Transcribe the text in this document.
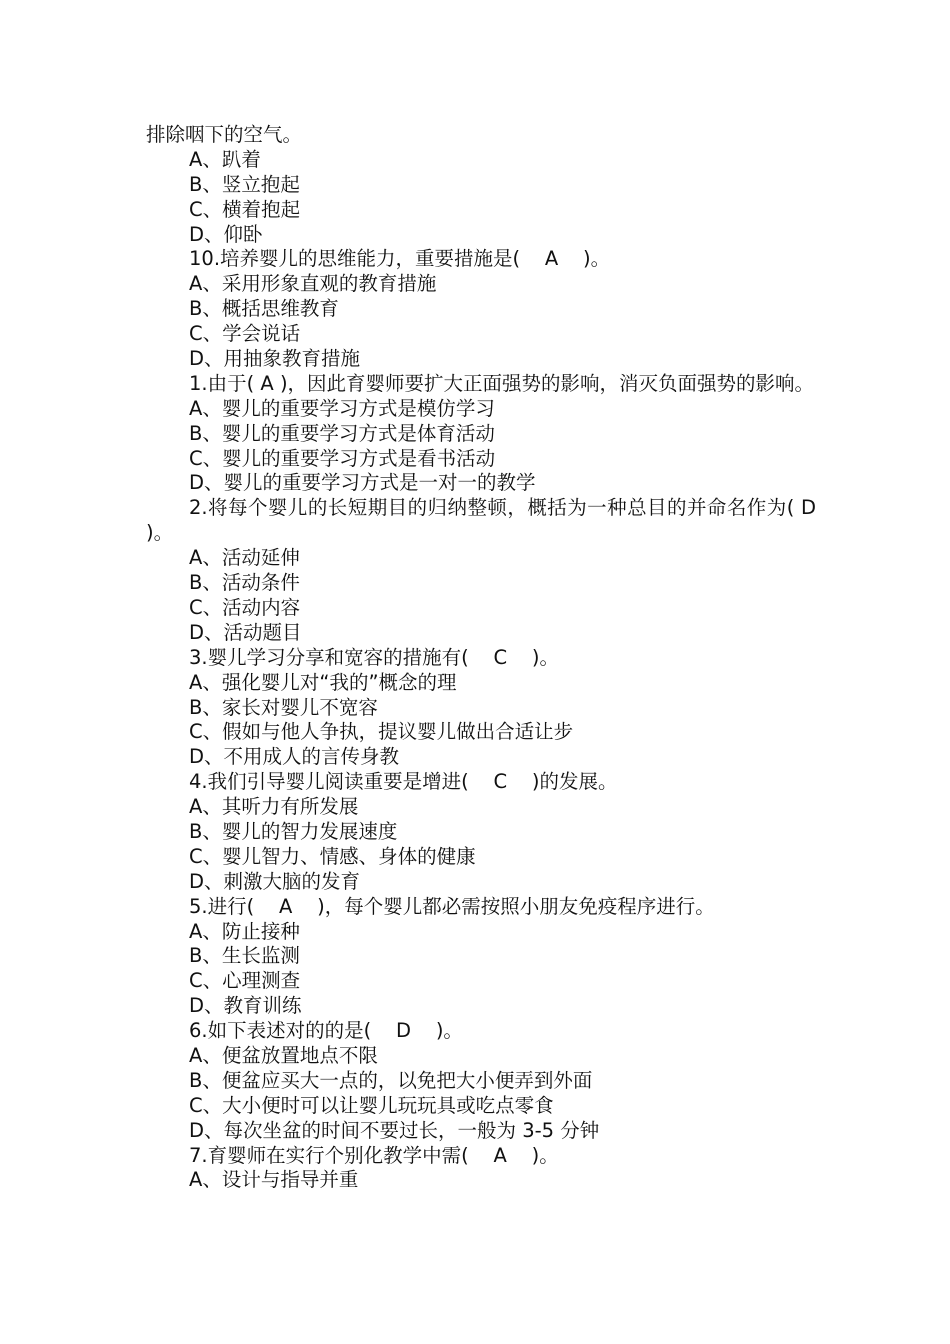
排除咽下的空气。
A、趴着
B、竖立抱起
C、横着抱起
D、仰卧
10.培养婴儿的思维能力，重要措施是(    A    )。
A、采用形象直观的教育措施
B、概括思维教育
C、学会说话
D、用抽象教育措施
1.由于( A )，因此育婴师要扩大正面强势的影响，消灭负面强势的影响。
A、婴儿的重要学习方式是模仿学习
B、婴儿的重要学习方式是体育活动
C、婴儿的重要学习方式是看书活动
D、婴儿的重要学习方式是一对一的教学
2.将每个婴儿的长短期目的归纳整顿，概括为一种总目的并命名作为( D )。
A、活动延伸
B、活动条件
C、活动内容
D、活动题目
3.婴儿学习分享和宽容的措施有(    C    )。
A、强化婴儿对“我的”概念的理
B、家长对婴儿不宽容
C、假如与他人争执，提议婴儿做出合适让步
D、不用成人的言传身教
4.我们引导婴儿阅读重要是增进(    C    )的发展。
A、其听力有所发展
B、婴儿的智力发展速度
C、婴儿智力、情感、身体的健康
D、刺激大脑的发育
5.进行(    A    )，每个婴儿都必需按照小朋友免疫程序进行。
A、防止接种
B、生长监测
C、心理测查
D、教育训练
6.如下表述对的的是(    D    )。
A、便盆放置地点不限
B、便盆应买大一点的，以免把大小便弄到外面
C、大小便时可以让婴儿玩玩具或吃点零食
D、每次坐盆的时间不要过长，一般为 3-5 分钟
7.育婴师在实行个别化教学中需(    A    )。
A、设计与指导并重
